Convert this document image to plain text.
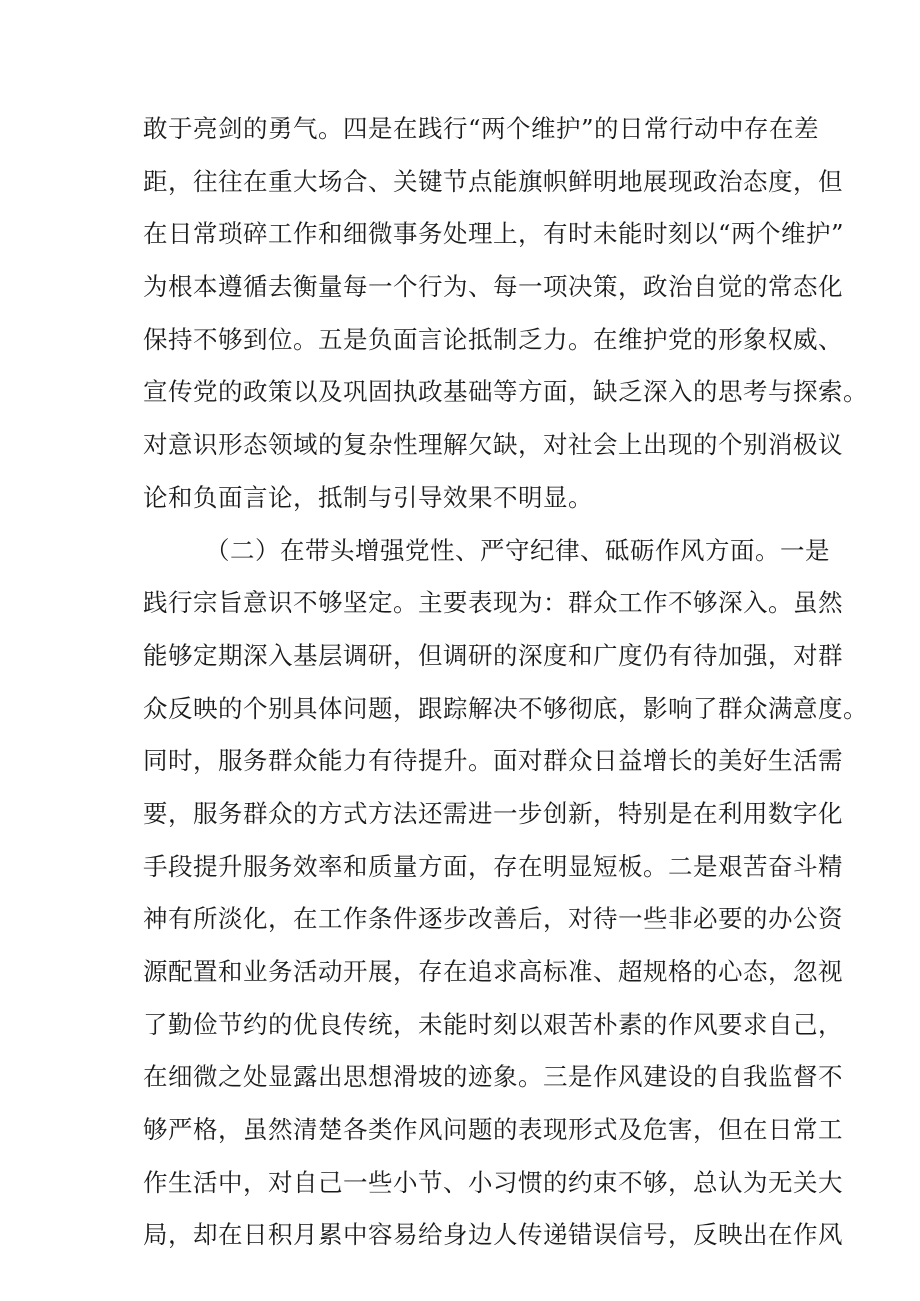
敢于亮剑的勇气。四是在践行“两个维护”的日常行动中存在差
距，往往在重大场合、关键节点能旗帜鲜明地展现政治态度，但
在日常琐碎工作和细微事务处理上，有时未能时刻以“两个维护”
为根本遵循去衡量每一个行为、每一项决策，政治自觉的常态化
保持不够到位。五是负面言论抵制乏力。在维护党的形象权威、
宣传党的政策以及巩固执政基础等方面，缺乏深入的思考与探索。
对意识形态领域的复杂性理解欠缺，对社会上出现的个别消极议
论和负面言论，抵制与引导效果不明显。
（二）在带头增强党性、严守纪律、砥砺作风方面。一是
践行宗旨意识不够坚定。主要表现为：群众工作不够深入。虽然
能够定期深入基层调研，但调研的深度和广度仍有待加强，对群
众反映的个别具体问题，跟踪解决不够彻底，影响了群众满意度。
同时，服务群众能力有待提升。面对群众日益增长的美好生活需
要，服务群众的方式方法还需进一步创新，特别是在利用数字化
手段提升服务效率和质量方面，存在明显短板。二是艰苦奋斗精
神有所淡化，在工作条件逐步改善后，对待一些非必要的办公资
源配置和业务活动开展，存在追求高标准、超规格的心态，忽视
了勤俭节约的优良传统，未能时刻以艰苦朴素的作风要求自己，
在细微之处显露出思想滑坡的迹象。三是作风建设的自我监督不
够严格，虽然清楚各类作风问题的表现形式及危害，但在日常工
作生活中，对自己一些小节、小习惯的约束不够，总认为无关大
局，却在日积月累中容易给身边人传递错误信号，反映出在作风
